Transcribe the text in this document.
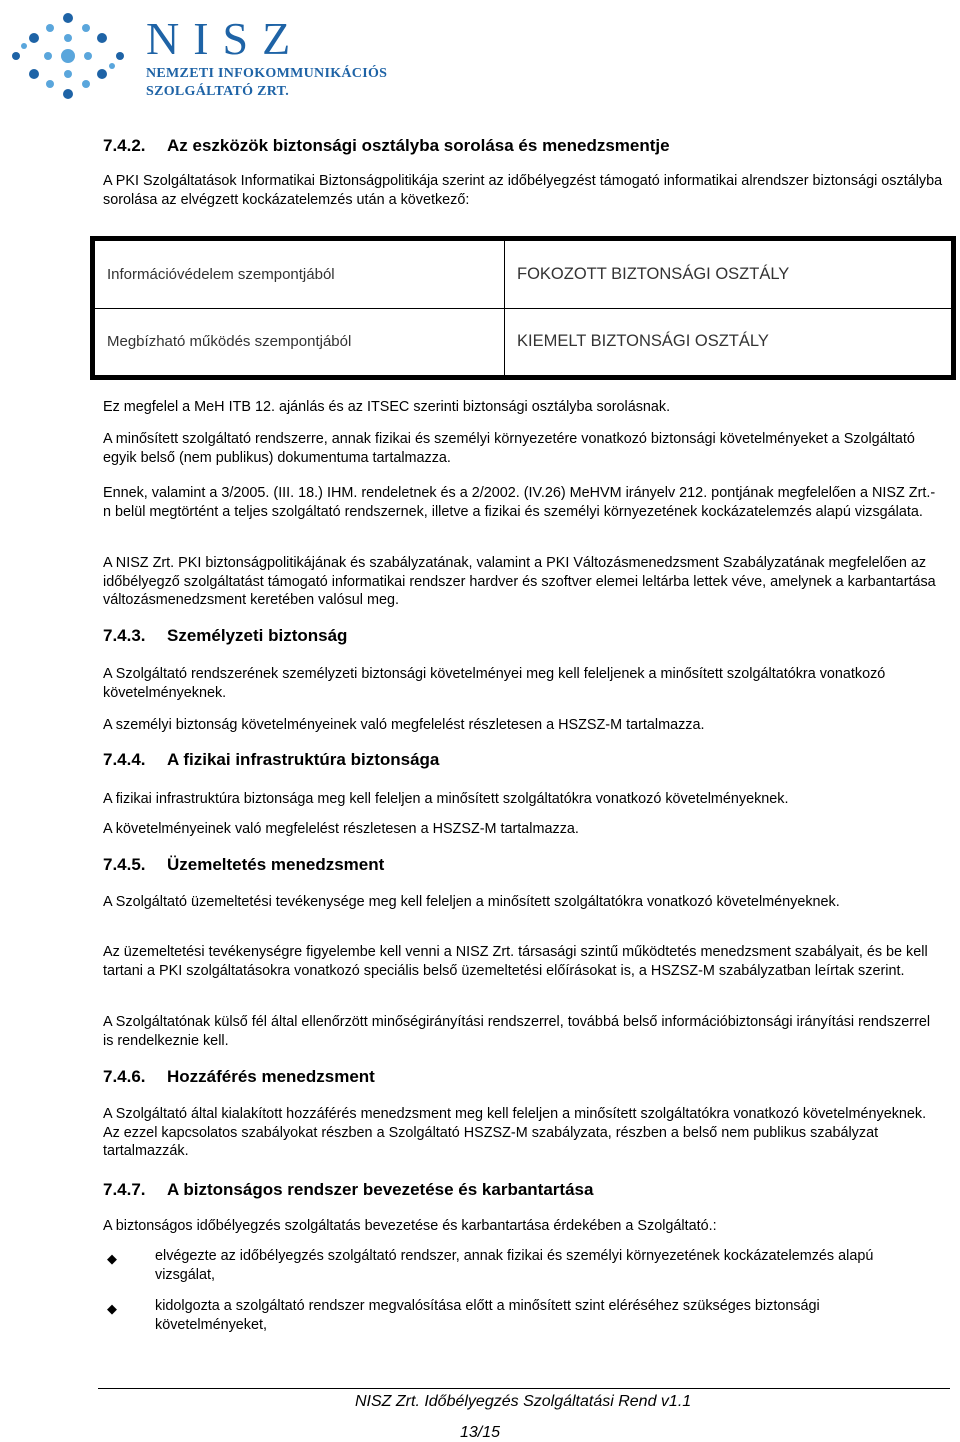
NISZ
NEMZETI INFOKOMMUNIKÁCIÓS
SZOLGÁLTATÓ ZRT.
7.4.2. Az eszközök biztonsági osztályba sorolása és menedzsmentje
A PKI Szolgáltatások Informatikai Biztonságpolitikája szerint az időbélyegzést támogató informatikai alrendszer biztonsági osztályba sorolása az elvégzett kockázatelemzés után a következő:
Információvédelem szempontjából	FOKOZOTT BIZTONSÁGI OSZTÁLY
Megbízható működés szempontjából	KIEMELT BIZTONSÁGI OSZTÁLY
Ez megfelel a MeH ITB 12. ajánlás és az ITSEC szerinti biztonsági osztályba sorolásnak.
A minősített szolgáltató rendszerre, annak fizikai és személyi környezetére vonatkozó biztonsági követelményeket a Szolgáltató egyik belső (nem publikus) dokumentuma tartalmazza.
Ennek, valamint a 3/2005. (III. 18.) IHM. rendeletnek és a 2/2002. (IV.26) MeHVM irányelv 212. pontjának megfelelően a NISZ Zrt.-n belül megtörtént a teljes szolgáltató rendszernek, illetve a fizikai és személyi környezetének kockázatelemzés alapú vizsgálata.
A NISZ Zrt. PKI biztonságpolitikájának és szabályzatának, valamint a PKI Változásmenedzsment Szabályzatának megfelelően az időbélyegző szolgáltatást támogató informatikai rendszer hardver és szoftver elemei leltárba lettek véve, amelynek a karbantartása változásmenedzsment keretében valósul meg.
7.4.3. Személyzeti biztonság
A Szolgáltató rendszerének személyzeti biztonsági követelményei meg kell feleljenek a minősített szolgáltatókra vonatkozó követelményeknek.
A személyi biztonság követelményeinek való megfelelést részletesen a HSZSZ-M tartalmazza.
7.4.4. A fizikai infrastruktúra biztonsága
A fizikai infrastruktúra biztonsága meg kell feleljen a minősített szolgáltatókra vonatkozó követelményeknek.
A követelményeinek való megfelelést részletesen a HSZSZ-M tartalmazza.
7.4.5. Üzemeltetés menedzsment
A Szolgáltató üzemeltetési tevékenysége meg kell feleljen a minősített szolgáltatókra vonatkozó követelményeknek.
Az üzemeltetési tevékenységre figyelembe kell venni a NISZ Zrt. társasági szintű működtetés menedzsment szabályait, és be kell tartani a PKI szolgáltatásokra vonatkozó speciális belső üzemeltetési előírásokat is, a HSZSZ-M szabályzatban leírtak szerint.
A Szolgáltatónak külső fél által ellenőrzött minőségirányítási rendszerrel, továbbá belső információbiztonsági irányítási rendszerrel is rendelkeznie kell.
7.4.6. Hozzáférés menedzsment
A Szolgáltató által kialakított hozzáférés menedzsment meg kell feleljen a minősített szolgáltatókra vonatkozó követelményeknek. Az ezzel kapcsolatos szabályokat részben a Szolgáltató HSZSZ-M szabályzata, részben a belső nem publikus szabályzat tartalmazzák.
7.4.7. A biztonságos rendszer bevezetése és karbantartása
A biztonságos időbélyegzés szolgáltatás bevezetése és karbantartása érdekében a Szolgáltató.:
◆	elvégezte az időbélyegzés szolgáltató rendszer, annak fizikai és személyi környezetének kockázatelemzés alapú vizsgálat,
◆	kidolgozta a szolgáltató rendszer megvalósítása előtt a minősített szint eléréséhez szükséges biztonsági követelményeket,
NISZ Zrt. Időbélyegzés Szolgáltatási Rend v1.1
13/15
